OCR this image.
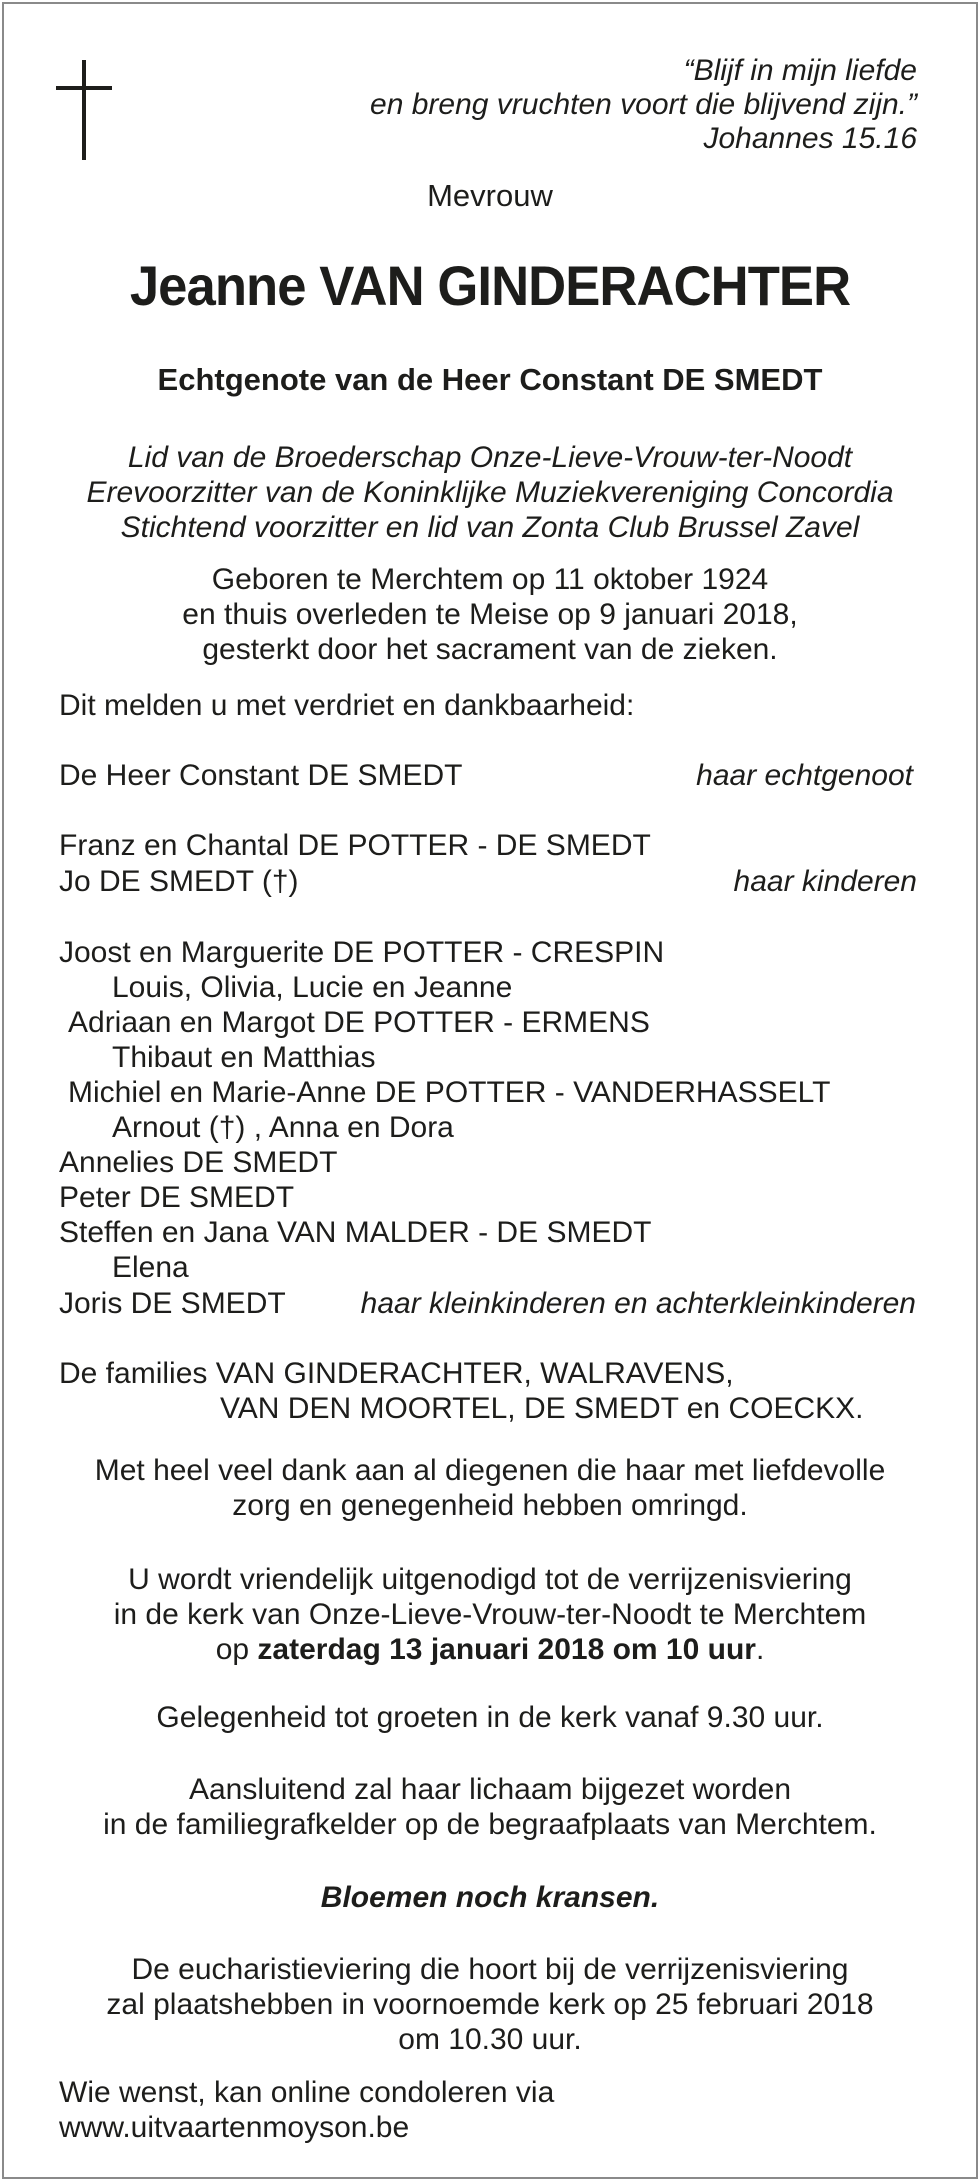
“Blijf in mijn liefde
en breng vruchten voort die blijvend zijn.”
Johannes 15.16
Mevrouw
Jeanne VAN GINDERACHTER
Echtgenote van de Heer Constant DE SMEDT
Lid van de Broederschap Onze-Lieve-Vrouw-ter-Noodt
Erevoorzitter van de Koninklijke Muziekvereniging Concordia
Stichtend voorzitter en lid van Zonta Club Brussel Zavel
Geboren te Merchtem op 11 oktober 1924
en thuis overleden te Meise op 9 januari 2018,
gesterkt door het sacrament van de zieken.
Dit melden u met verdriet en dankbaarheid:
De Heer Constant DE SMEDT	haar echtgenoot
Franz en Chantal DE POTTER - DE SMEDT
Jo DE SMEDT (†)	haar kinderen
Joost en Marguerite DE POTTER - CRESPIN
Louis, Olivia, Lucie en Jeanne
Adriaan en Margot DE POTTER - ERMENS
Thibaut en Matthias
Michiel en Marie-Anne DE POTTER - VANDERHASSELT
Arnout (†) , Anna en Dora
Annelies DE SMEDT
Peter DE SMEDT
Steffen en Jana VAN MALDER - DE SMEDT
Elena
Joris DE SMEDT haar kleinkinderen en achterkleinkinderen
De families VAN GINDERACHTER, WALRAVENS,
VAN DEN MOORTEL, DE SMEDT en COECKX.
Met heel veel dank aan al diegenen die haar met liefdevolle
zorg en genegenheid hebben omringd.
U wordt vriendelijk uitgenodigd tot de verrijzenisviering
in de kerk van Onze-Lieve-Vrouw-ter-Noodt te Merchtem
op zaterdag 13 januari 2018 om 10 uur.
Gelegenheid tot groeten in de kerk vanaf 9.30 uur.
Aansluitend zal haar lichaam bijgezet worden
in de familiegrafkelder op de begraafplaats van Merchtem.
Bloemen noch kransen.
De eucharistieviering die hoort bij de verrijzenisviering
zal plaatshebben in voornoemde kerk op 25 februari 2018
om 10.30 uur.
Wie wenst, kan online condoleren via
www.uitvaartenmoyson.be
